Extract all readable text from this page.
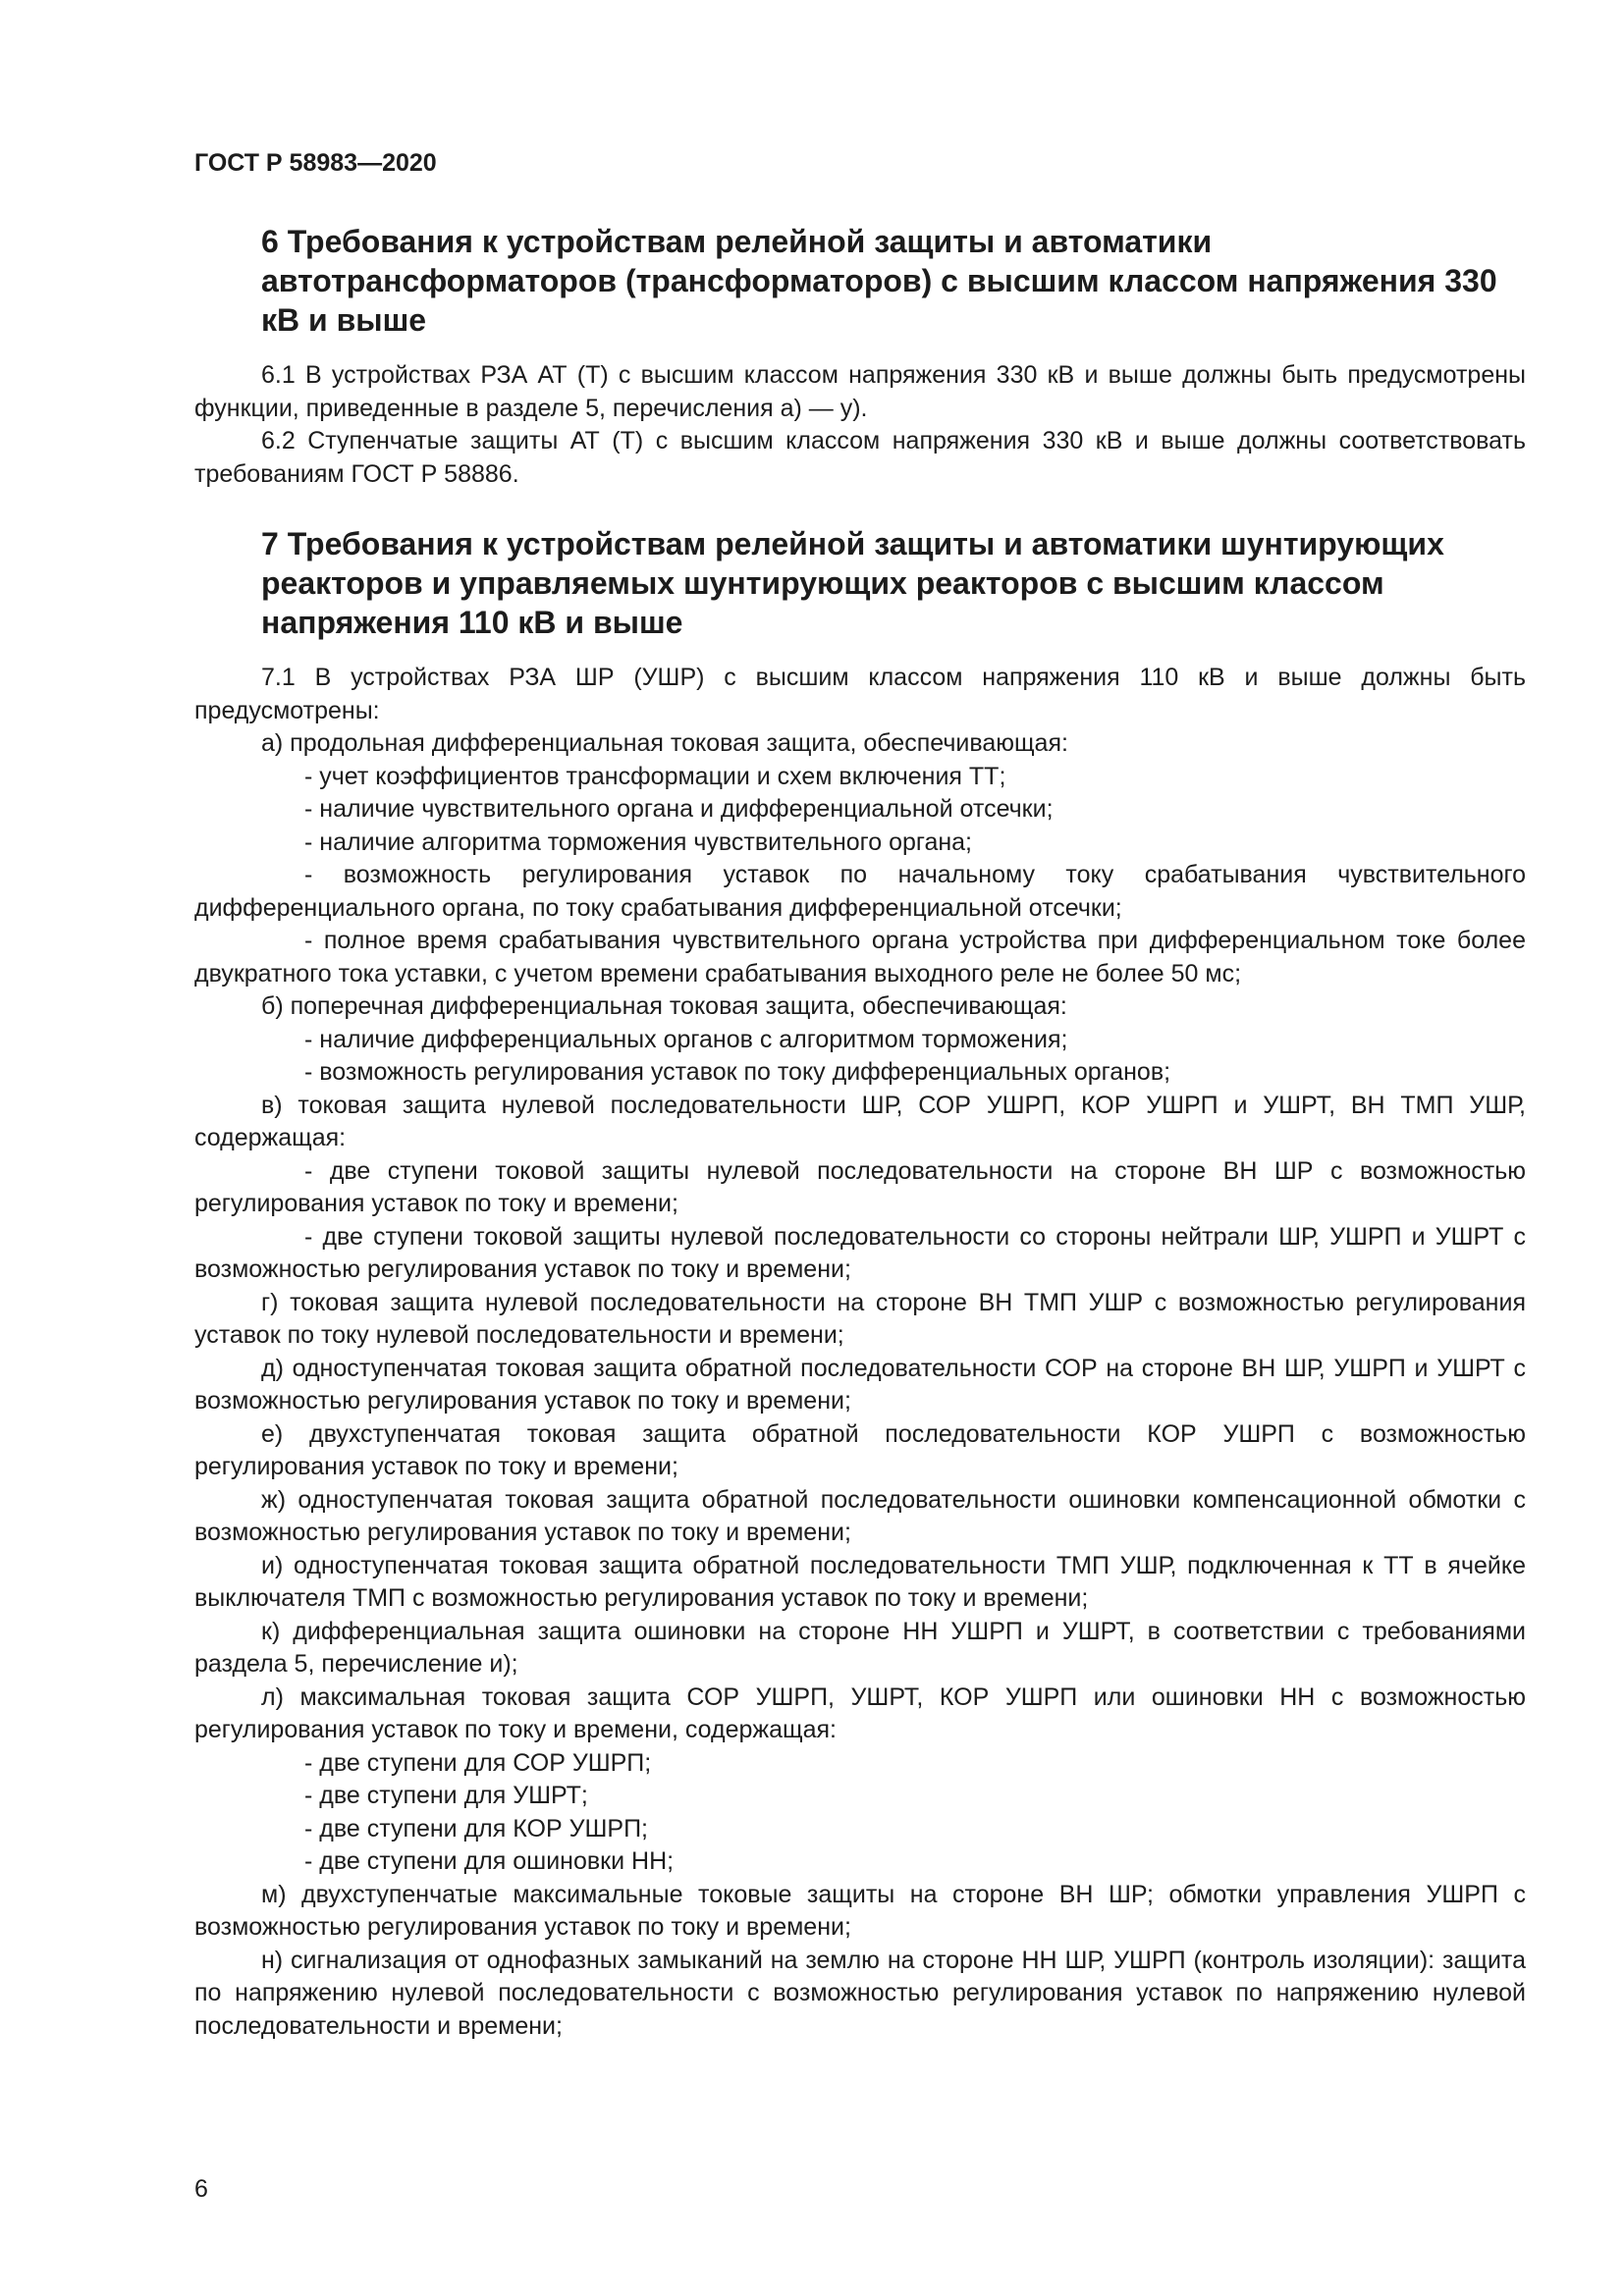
ГОСТ Р 58983—2020

6 Требования к устройствам релейной защиты и автоматики автотрансформаторов (трансформаторов) с высшим классом напряжения 330 кВ и выше

6.1 В устройствах РЗА АТ (Т) с высшим классом напряжения 330 кВ и выше должны быть предусмотрены функции, приведенные в разделе 5, перечисления а) — у).

6.2 Ступенчатые защиты АТ (Т) с высшим классом напряжения 330 кВ и выше должны соответствовать требованиям ГОСТ Р 58886.

7 Требования к устройствам релейной защиты и автоматики шунтирующих реакторов и управляемых шунтирующих реакторов с высшим классом напряжения 110 кВ и выше

7.1 В устройствах РЗА ШР (УШР) с высшим классом напряжения 110 кВ и выше должны быть предусмотрены:

а) продольная дифференциальная токовая защита, обеспечивающая:

- учет коэффициентов трансформации и схем включения ТТ;

- наличие чувствительного органа и дифференциальной отсечки;

- наличие алгоритма торможения чувствительного органа;

- возможность регулирования уставок по начальному току срабатывания чувствительного дифференциального органа, по току срабатывания дифференциальной отсечки;

- полное время срабатывания чувствительного органа устройства при дифференциальном токе более двукратного тока уставки, с учетом времени срабатывания выходного реле не более 50 мс;

б) поперечная дифференциальная токовая защита, обеспечивающая:

- наличие дифференциальных органов с алгоритмом торможения;

- возможность регулирования уставок по току дифференциальных органов;

в) токовая защита нулевой последовательности ШР, СОР УШРП, КОР УШРП и УШРТ, ВН ТМП УШР, содержащая:

- две ступени токовой защиты нулевой последовательности на стороне ВН ШР с возможностью регулирования уставок по току и времени;

- две ступени токовой защиты нулевой последовательности со стороны нейтрали ШР, УШРП и УШРТ с возможностью регулирования уставок по току и времени;

г) токовая защита нулевой последовательности на стороне ВН ТМП УШР с возможностью регулирования уставок по току нулевой последовательности и времени;

д) одноступенчатая токовая защита обратной последовательности СОР на стороне ВН ШР, УШРП и УШРТ с возможностью регулирования уставок по току и времени;

е) двухступенчатая токовая защита обратной последовательности КОР УШРП с возможностью регулирования уставок по току и времени;

ж) одноступенчатая токовая защита обратной последовательности ошиновки компенсационной обмотки с возможностью регулирования уставок по току и времени;

и) одноступенчатая токовая защита обратной последовательности ТМП УШР, подключенная к ТТ в ячейке выключателя ТМП с возможностью регулирования уставок по току и времени;

к) дифференциальная защита ошиновки на стороне НН УШРП и УШРТ, в соответствии с требованиями раздела 5, перечисление и);

л) максимальная токовая защита СОР УШРП, УШРТ, КОР УШРП или ошиновки НН с возможностью регулирования уставок по току и времени, содержащая:

- две ступени для СОР УШРП;

- две ступени для УШРТ;

- две ступени для КОР УШРП;

- две ступени для ошиновки НН;

м) двухступенчатые максимальные токовые защиты на стороне ВН ШР; обмотки управления УШРП с возможностью регулирования уставок по току и времени;

н) сигнализация от однофазных замыканий на землю на стороне НН ШР, УШРП (контроль изоляции): защита по напряжению нулевой последовательности с возможностью регулирования уставок по напряжению нулевой последовательности и времени;

6
